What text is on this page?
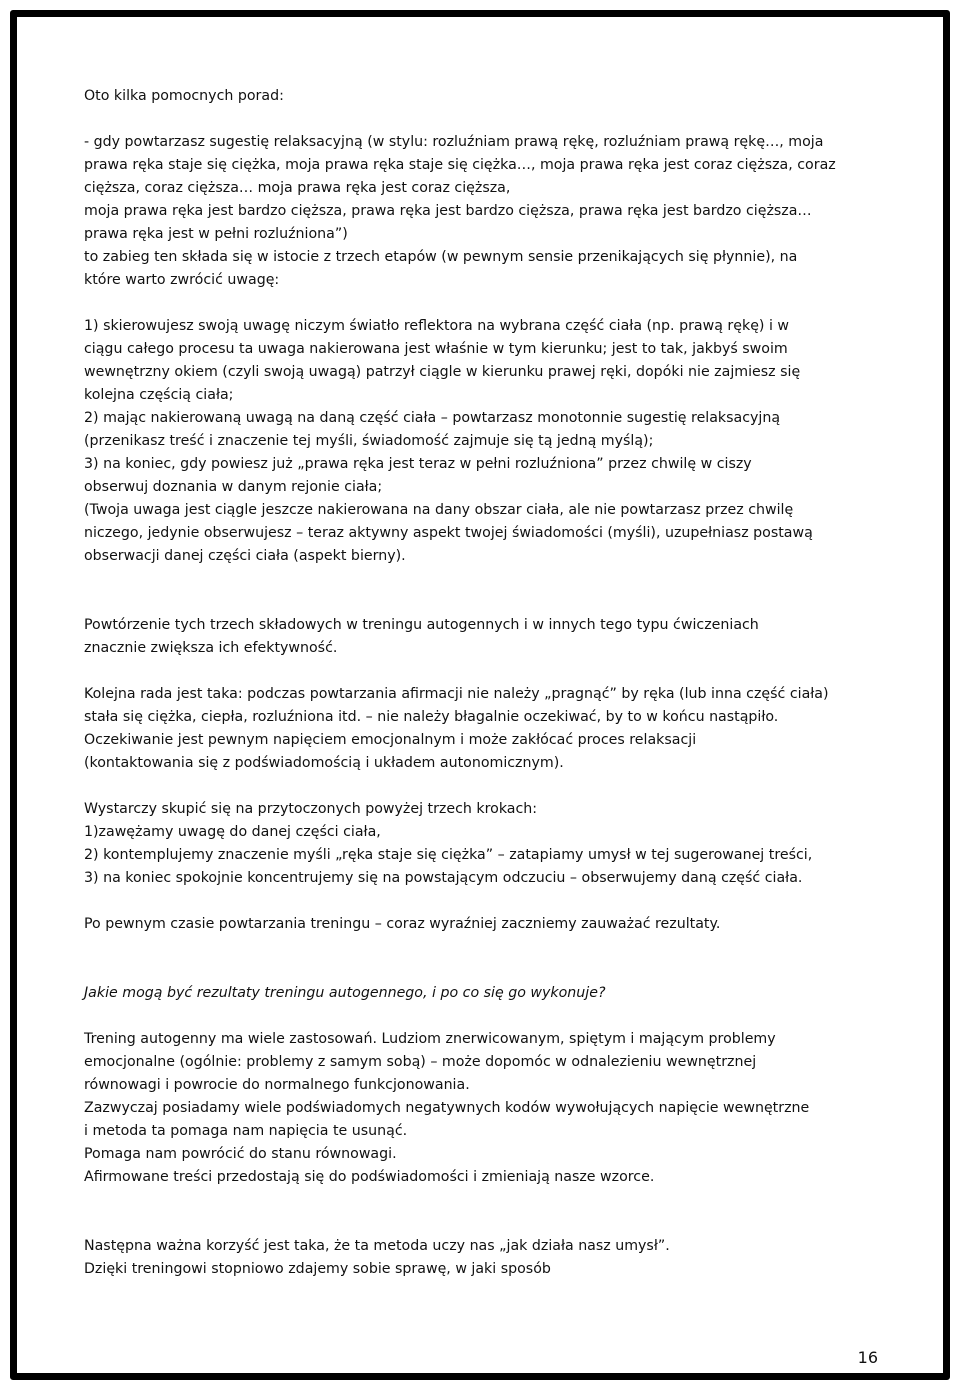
Oto kilka pomocnych porad:

- gdy powtarzasz sugestię relaksacyjną (w stylu: rozluźniam prawą rękę, rozluźniam prawą rękę…, moja
prawa ręka staje się ciężka, moja prawa ręka staje się ciężka…, moja prawa ręka jest coraz cięższa, coraz
cięższa, coraz cięższa… moja prawa ręka jest coraz cięższa,
moja prawa ręka jest bardzo cięższa, prawa ręka jest bardzo cięższa, prawa ręka jest bardzo cięższa…
prawa ręka jest w pełni rozluźniona”)
to zabieg ten składa się w istocie z trzech etapów (w pewnym sensie przenikających się płynnie), na
które warto zwrócić uwagę:

1) skierowujesz swoją uwagę niczym światło reflektora na wybrana część ciała (np. prawą rękę) i w
ciągu całego procesu ta uwaga nakierowana jest właśnie w tym kierunku; jest to tak, jakbyś swoim
wewnętrzny okiem (czyli swoją uwagą) patrzył ciągle w kierunku prawej ręki, dopóki nie zajmiesz się
kolejna częścią ciała;
2) mając nakierowaną uwagą na daną część ciała – powtarzasz monotonnie sugestię relaksacyjną
(przenikasz treść i znaczenie tej myśli, świadomość zajmuje się tą jedną myślą);
3) na koniec, gdy powiesz już „prawa ręka jest teraz w pełni rozluźniona” przez chwilę w ciszy
obserwuj doznania w danym rejonie ciała;
(Twoja uwaga jest ciągle jeszcze nakierowana na dany obszar ciała, ale nie powtarzasz przez chwilę
niczego, jedynie obserwujesz – teraz aktywny aspekt twojej świadomości (myśli), uzupełniasz postawą
obserwacji danej części ciała (aspekt bierny).

Powtórzenie tych trzech składowych w treningu autogennych i w innych tego typu ćwiczeniach
znacznie zwiększa ich efektywność.

Kolejna rada jest taka: podczas powtarzania afirmacji nie należy „pragnąć” by ręka (lub inna część ciała)
stała się ciężka, ciepła, rozluźniona itd. – nie należy błagalnie oczekiwać, by to w końcu nastąpiło.
Oczekiwanie jest pewnym napięciem emocjonalnym i może zakłócać proces relaksacji
(kontaktowania się z podświadomością i układem autonomicznym).

Wystarczy skupić się na przytoczonych powyżej trzech krokach:
1)zawężamy uwagę do danej części ciała,
2) kontemplujemy znaczenie myśli „ręka staje się ciężka” – zatapiamy umysł w tej sugerowanej treści,
3) na koniec spokojnie koncentrujemy się na powstającym odczuciu – obserwujemy daną część ciała.

Po pewnym czasie powtarzania treningu – coraz wyraźniej zaczniemy zauważać rezultaty.

Jakie mogą być rezultaty treningu autogennego, i po co się go wykonuje?

Trening autogenny ma wiele zastosowań. Ludziom znerwicowanym, spiętym i mającym problemy
emocjonalne (ogólnie: problemy z samym sobą) – może dopomóc w odnalezieniu wewnętrznej
równowagi i powrocie do normalnego funkcjonowania.
Zazwyczaj posiadamy wiele podświadomych negatywnych kodów wywołujących napięcie wewnętrzne
i metoda ta pomaga nam napięcia te usunąć.
Pomaga nam powrócić do stanu równowagi.
Afirmowane treści przedostają się do podświadomości i zmieniają nasze wzorce.

Następna ważna korzyść jest taka, że ta metoda uczy nas „jak działa nasz umysł”.
Dzięki treningowi stopniowo zdajemy sobie sprawę, w jaki sposób

16
